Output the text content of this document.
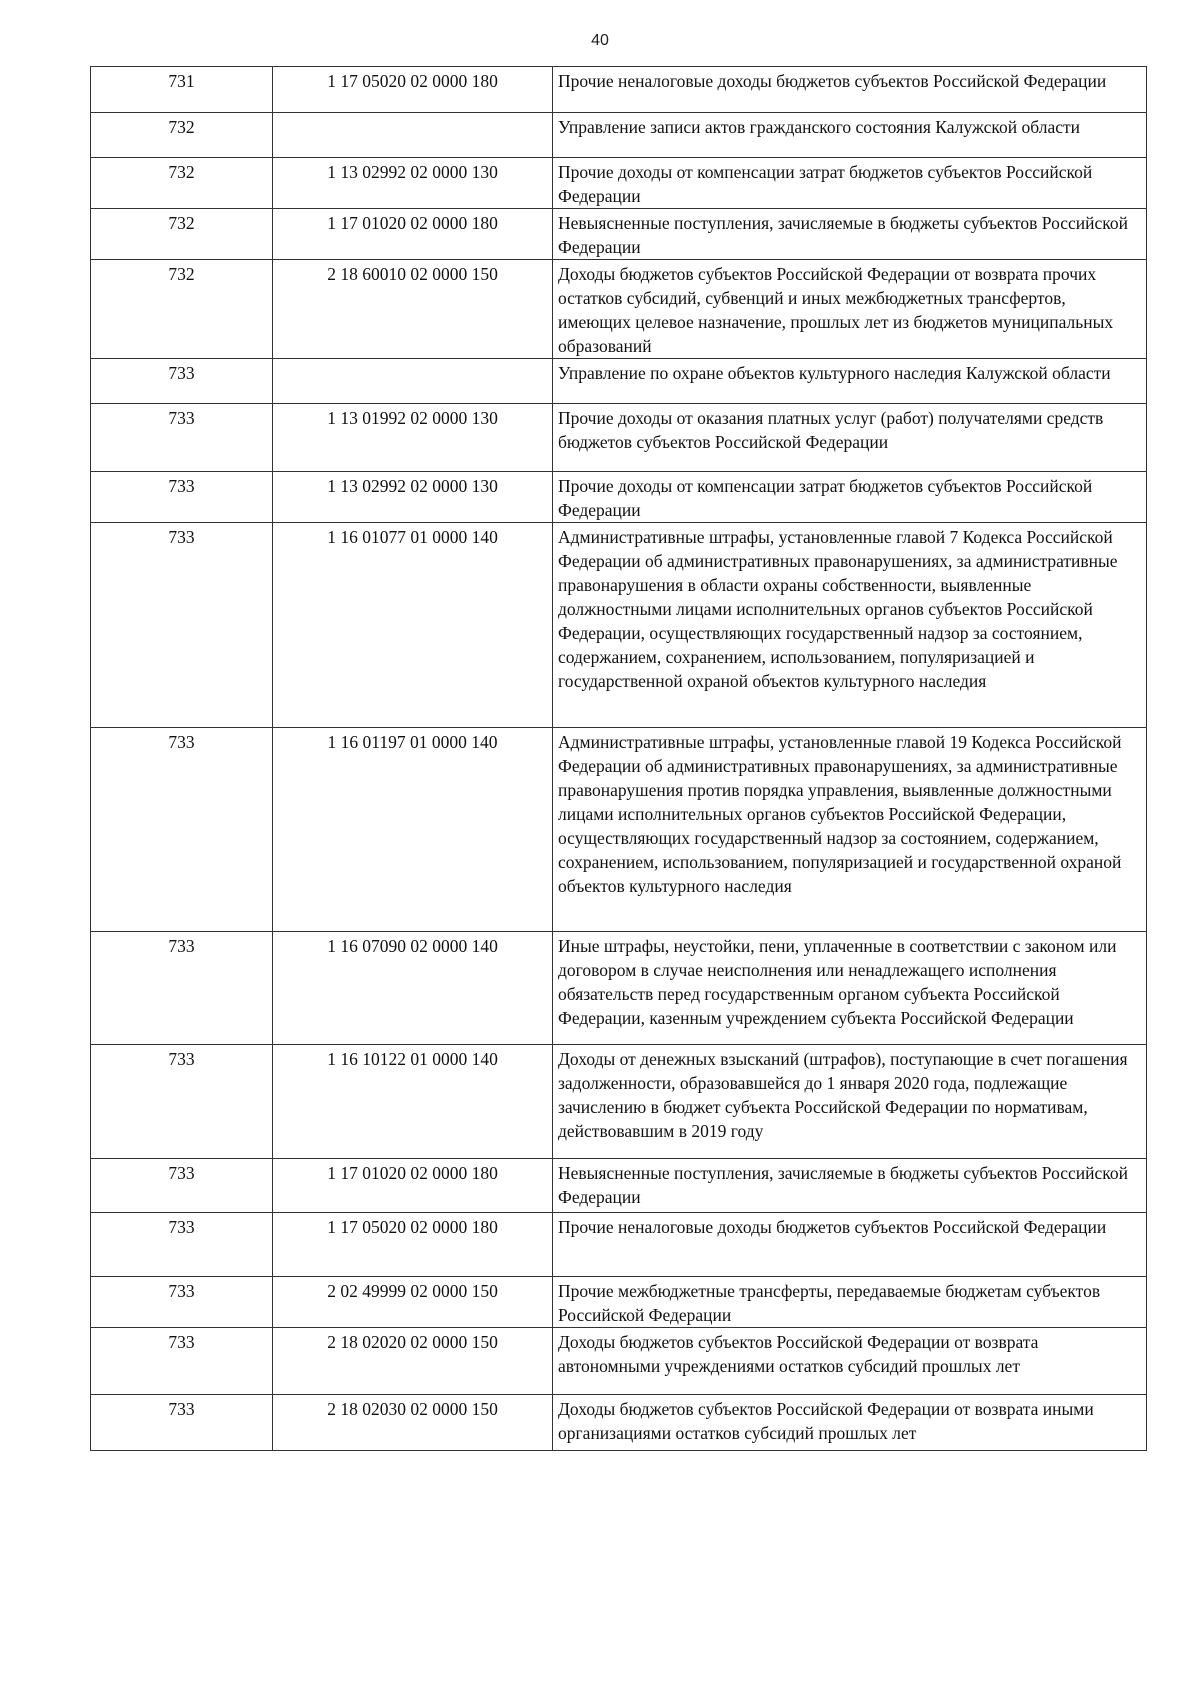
40
731	1 17 05020 02 0000 180	Прочие неналоговые доходы бюджетов субъектов Российской Федерации
732		Управление записи актов гражданского состояния Калужской области
732	1 13 02992 02 0000 130	Прочие доходы от компенсации затрат бюджетов субъектов Российской Федерации
732	1 17 01020 02 0000 180	Невыясненные поступления, зачисляемые в бюджеты субъектов Российской Федерации
732	2 18 60010 02 0000 150	Доходы бюджетов субъектов Российской Федерации от возврата прочих остатков субсидий, субвенций и иных межбюджетных трансфертов, имеющих целевое назначение, прошлых лет из бюджетов муниципальных образований
733		Управление по охране объектов культурного наследия Калужской области
733	1 13 01992 02 0000 130	Прочие доходы от оказания платных услуг (работ) получателями средств бюджетов субъектов Российской Федерации
733	1 13 02992 02 0000 130	Прочие доходы от компенсации затрат бюджетов субъектов Российской Федерации
733	1 16 01077 01 0000 140	Административные штрафы, установленные главой 7 Кодекса Российской Федерации об административных правонарушениях, за административные правонарушения в области охраны собственности, выявленные должностными лицами исполнительных органов субъектов Российской Федерации, осуществляющих государственный надзор за состоянием, содержанием, сохранением, использованием, популяризацией и государственной охраной объектов культурного наследия
733	1 16 01197 01 0000 140	Административные штрафы, установленные главой 19 Кодекса Российской Федерации об административных правонарушениях, за административные правонарушения против порядка управления, выявленные должностными лицами исполнительных органов субъектов Российской Федерации, осуществляющих государственный надзор за состоянием, содержанием, сохранением, использованием, популяризацией и государственной охраной объектов культурного наследия
733	1 16 07090 02 0000 140	Иные штрафы, неустойки, пени, уплаченные в соответствии с законом или договором в случае неисполнения или ненадлежащего исполнения обязательств перед государственным органом субъекта Российской Федерации, казенным учреждением субъекта Российской Федерации
733	1 16 10122 01 0000 140	Доходы от денежных взысканий (штрафов), поступающие в счет погашения задолженности, образовавшейся до 1 января 2020 года, подлежащие зачислению в бюджет субъекта Российской Федерации по нормативам, действовавшим в 2019 году
733	1 17 01020 02 0000 180	Невыясненные поступления, зачисляемые в бюджеты субъектов Российской Федерации
733	1 17 05020 02 0000 180	Прочие неналоговые доходы бюджетов субъектов Российской Федерации
733	2 02 49999 02 0000 150	Прочие межбюджетные трансферты, передаваемые бюджетам субъектов Российской Федерации
733	2 18 02020 02 0000 150	Доходы бюджетов субъектов Российской Федерации от возврата автономными учреждениями остатков субсидий прошлых лет
733	2 18 02030 02 0000 150	Доходы бюджетов субъектов Российской Федерации от возврата иными организациями остатков субсидий прошлых лет
